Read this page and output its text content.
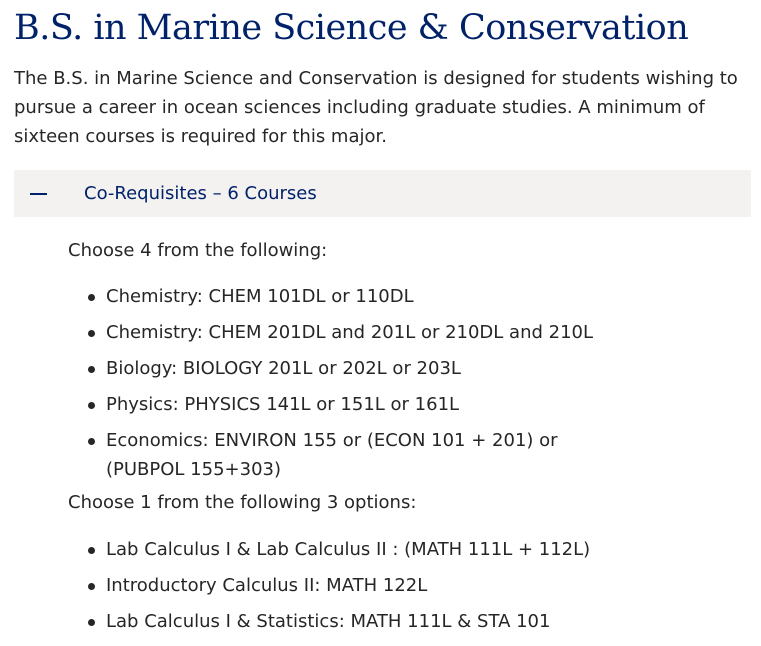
B.S. in Marine Science & Conservation

The B.S. in Marine Science and Conservation is designed for students wishing to pursue a career in ocean sciences including graduate studies. A minimum of sixteen courses is required for this major.

Co-Requisites – 6 Courses

Choose 4 from the following:

Chemistry: CHEM 101DL or 110DL
Chemistry: CHEM 201DL and 201L or 210DL and 210L
Biology: BIOLOGY 201L or 202L or 203L
Physics: PHYSICS 141L or 151L or 161L
Economics: ENVIRON 155 or (ECON 101 + 201) or (PUBPOL 155+303)

Choose 1 from the following 3 options:

Lab Calculus I & Lab Calculus II : (MATH 111L + 112L)
Introductory Calculus II: MATH 122L
Lab Calculus I & Statistics: MATH 111L & STA 101
